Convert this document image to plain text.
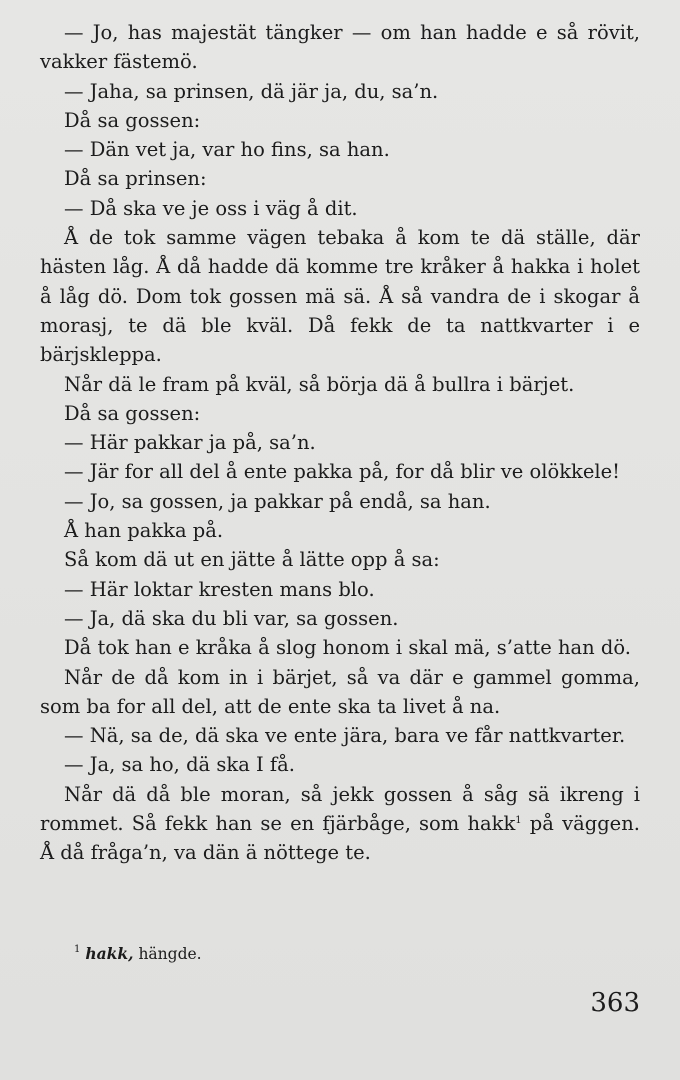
— Jo, has majestät tängker — om han hadde e så rövit, vakker fästemö.

— Jaha, sa prinsen, dä jär ja, du, sa’n.

Då sa gossen:

— Dän vet ja, var ho fins, sa han.

Då sa prinsen:

— Då ska ve je oss i väg å dit.

Å de tok samme vägen tebaka å kom te dä ställe, där hästen låg. Å då hadde dä komme tre kråker å hakka i holet å låg dö. Dom tok gossen mä sä. Å så vandra de i skogar å morasj, te dä ble kväl. Då fekk de ta nattkvarter i e bärjskleppa.

Når dä le fram på kväl, så börja dä å bullra i bärjet.

Då sa gossen:

— Här pakkar ja på, sa’n.

— Jär for all del å ente pakka på, for då blir ve olökkele!

— Jo, sa gossen, ja pakkar på endå, sa han.

Å han pakka på.

Så kom dä ut en jätte å lätte opp å sa:

— Här loktar kresten mans blo.

— Ja, dä ska du bli var, sa gossen.

Då tok han e kråka å slog honom i skal mä, s’atte han dö.

Når de då kom in i bärjet, så va där e gammel gomma, som ba for all del, att de ente ska ta livet å na.

— Nä, sa de, dä ska ve ente jära, bara ve får nattkvarter.

— Ja, sa ho, dä ska I få.

Når dä då ble moran, så jekk gossen å såg sä ikreng i rommet. Så fekk han se en fjärbåge, som hakk$^1$ på väggen. Å då fråga’n, va dän ä nöttege te.

$^1$ hakk, hängde.
363
